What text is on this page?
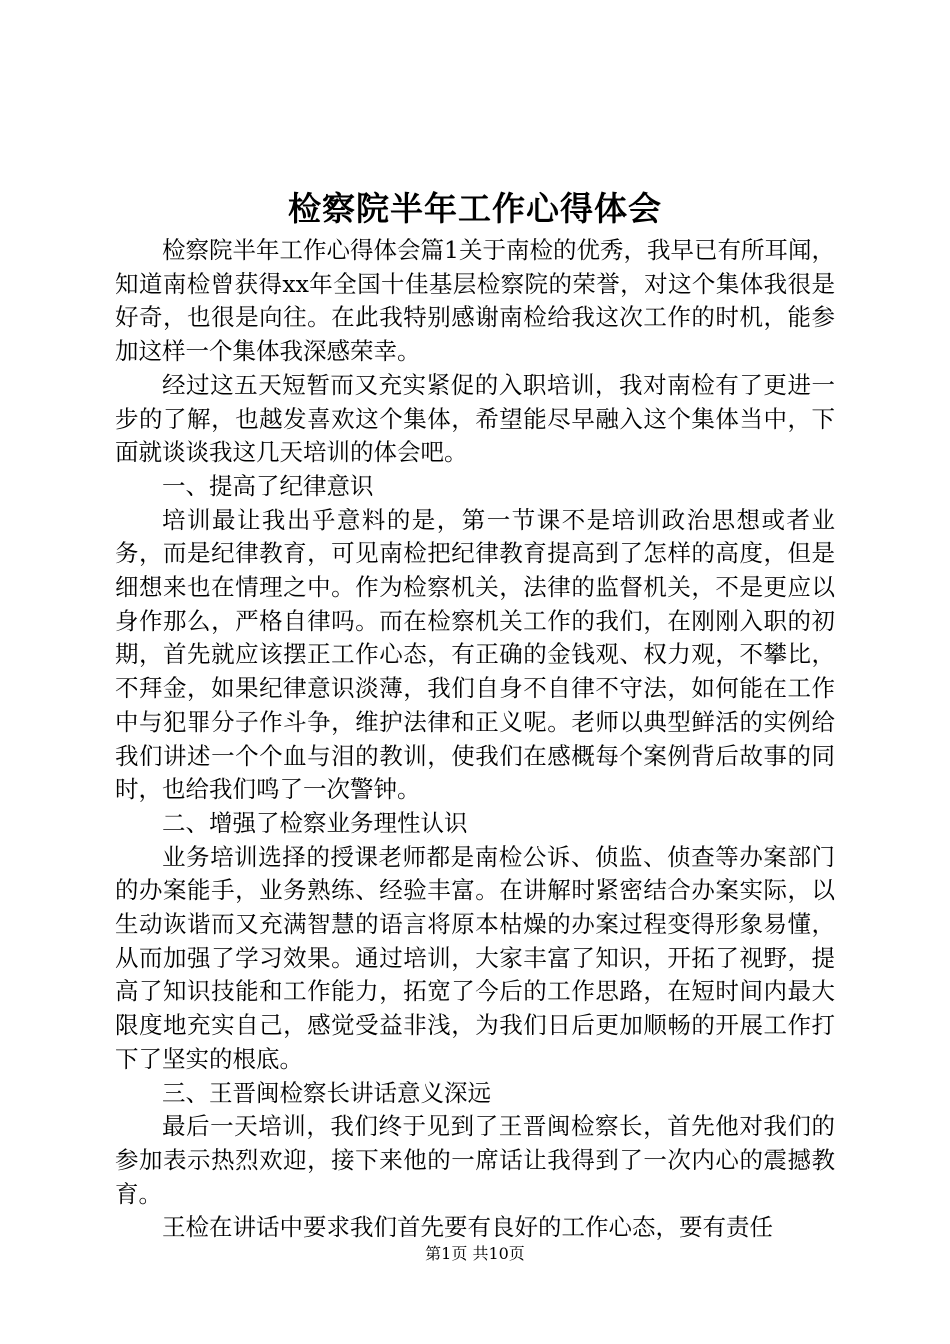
检察院半年工作心得体会

检察院半年工作心得体会篇1关于南检的优秀，我早已有所耳闻，知道南检曾获得xx年全国十佳基层检察院的荣誉，对这个集体我很是好奇，也很是向往。在此我特别感谢南检给我这次工作的时机，能参加这样一个集体我深感荣幸。

经过这五天短暂而又充实紧促的入职培训，我对南检有了更进一步的了解，也越发喜欢这个集体，希望能尽早融入这个集体当中，下面就谈谈我这几天培训的体会吧。

一、提高了纪律意识

培训最让我出乎意料的是，第一节课不是培训政治思想或者业务，而是纪律教育，可见南检把纪律教育提高到了怎样的高度，但是细想来也在情理之中。作为检察机关，法律的监督机关，不是更应以身作那么，严格自律吗。而在检察机关工作的我们，在刚刚入职的初期，首先就应该摆正工作心态，有正确的金钱观、权力观，不攀比，不拜金，如果纪律意识淡薄，我们自身不自律不守法，如何能在工作中与犯罪分子作斗争，维护法律和正义呢。老师以典型鲜活的实例给我们讲述一个个血与泪的教训，使我们在感概每个案例背后故事的同时，也给我们鸣了一次警钟。

二、增强了检察业务理性认识

业务培训选择的授课老师都是南检公诉、侦监、侦查等办案部门的办案能手，业务熟练、经验丰富。在讲解时紧密结合办案实际，以生动诙谐而又充满智慧的语言将原本枯燥的办案过程变得形象易懂，从而加强了学习效果。通过培训，大家丰富了知识，开拓了视野，提高了知识技能和工作能力，拓宽了今后的工作思路，在短时间内最大限度地充实自己，感觉受益非浅，为我们日后更加顺畅的开展工作打下了坚实的根底。

三、王晋闽检察长讲话意义深远

最后一天培训，我们终于见到了王晋闽检察长，首先他对我们的参加表示热烈欢迎，接下来他的一席话让我得到了一次内心的震撼教育。

王检在讲话中要求我们首先要有良好的工作心态，要有责任

第1页 共10页
